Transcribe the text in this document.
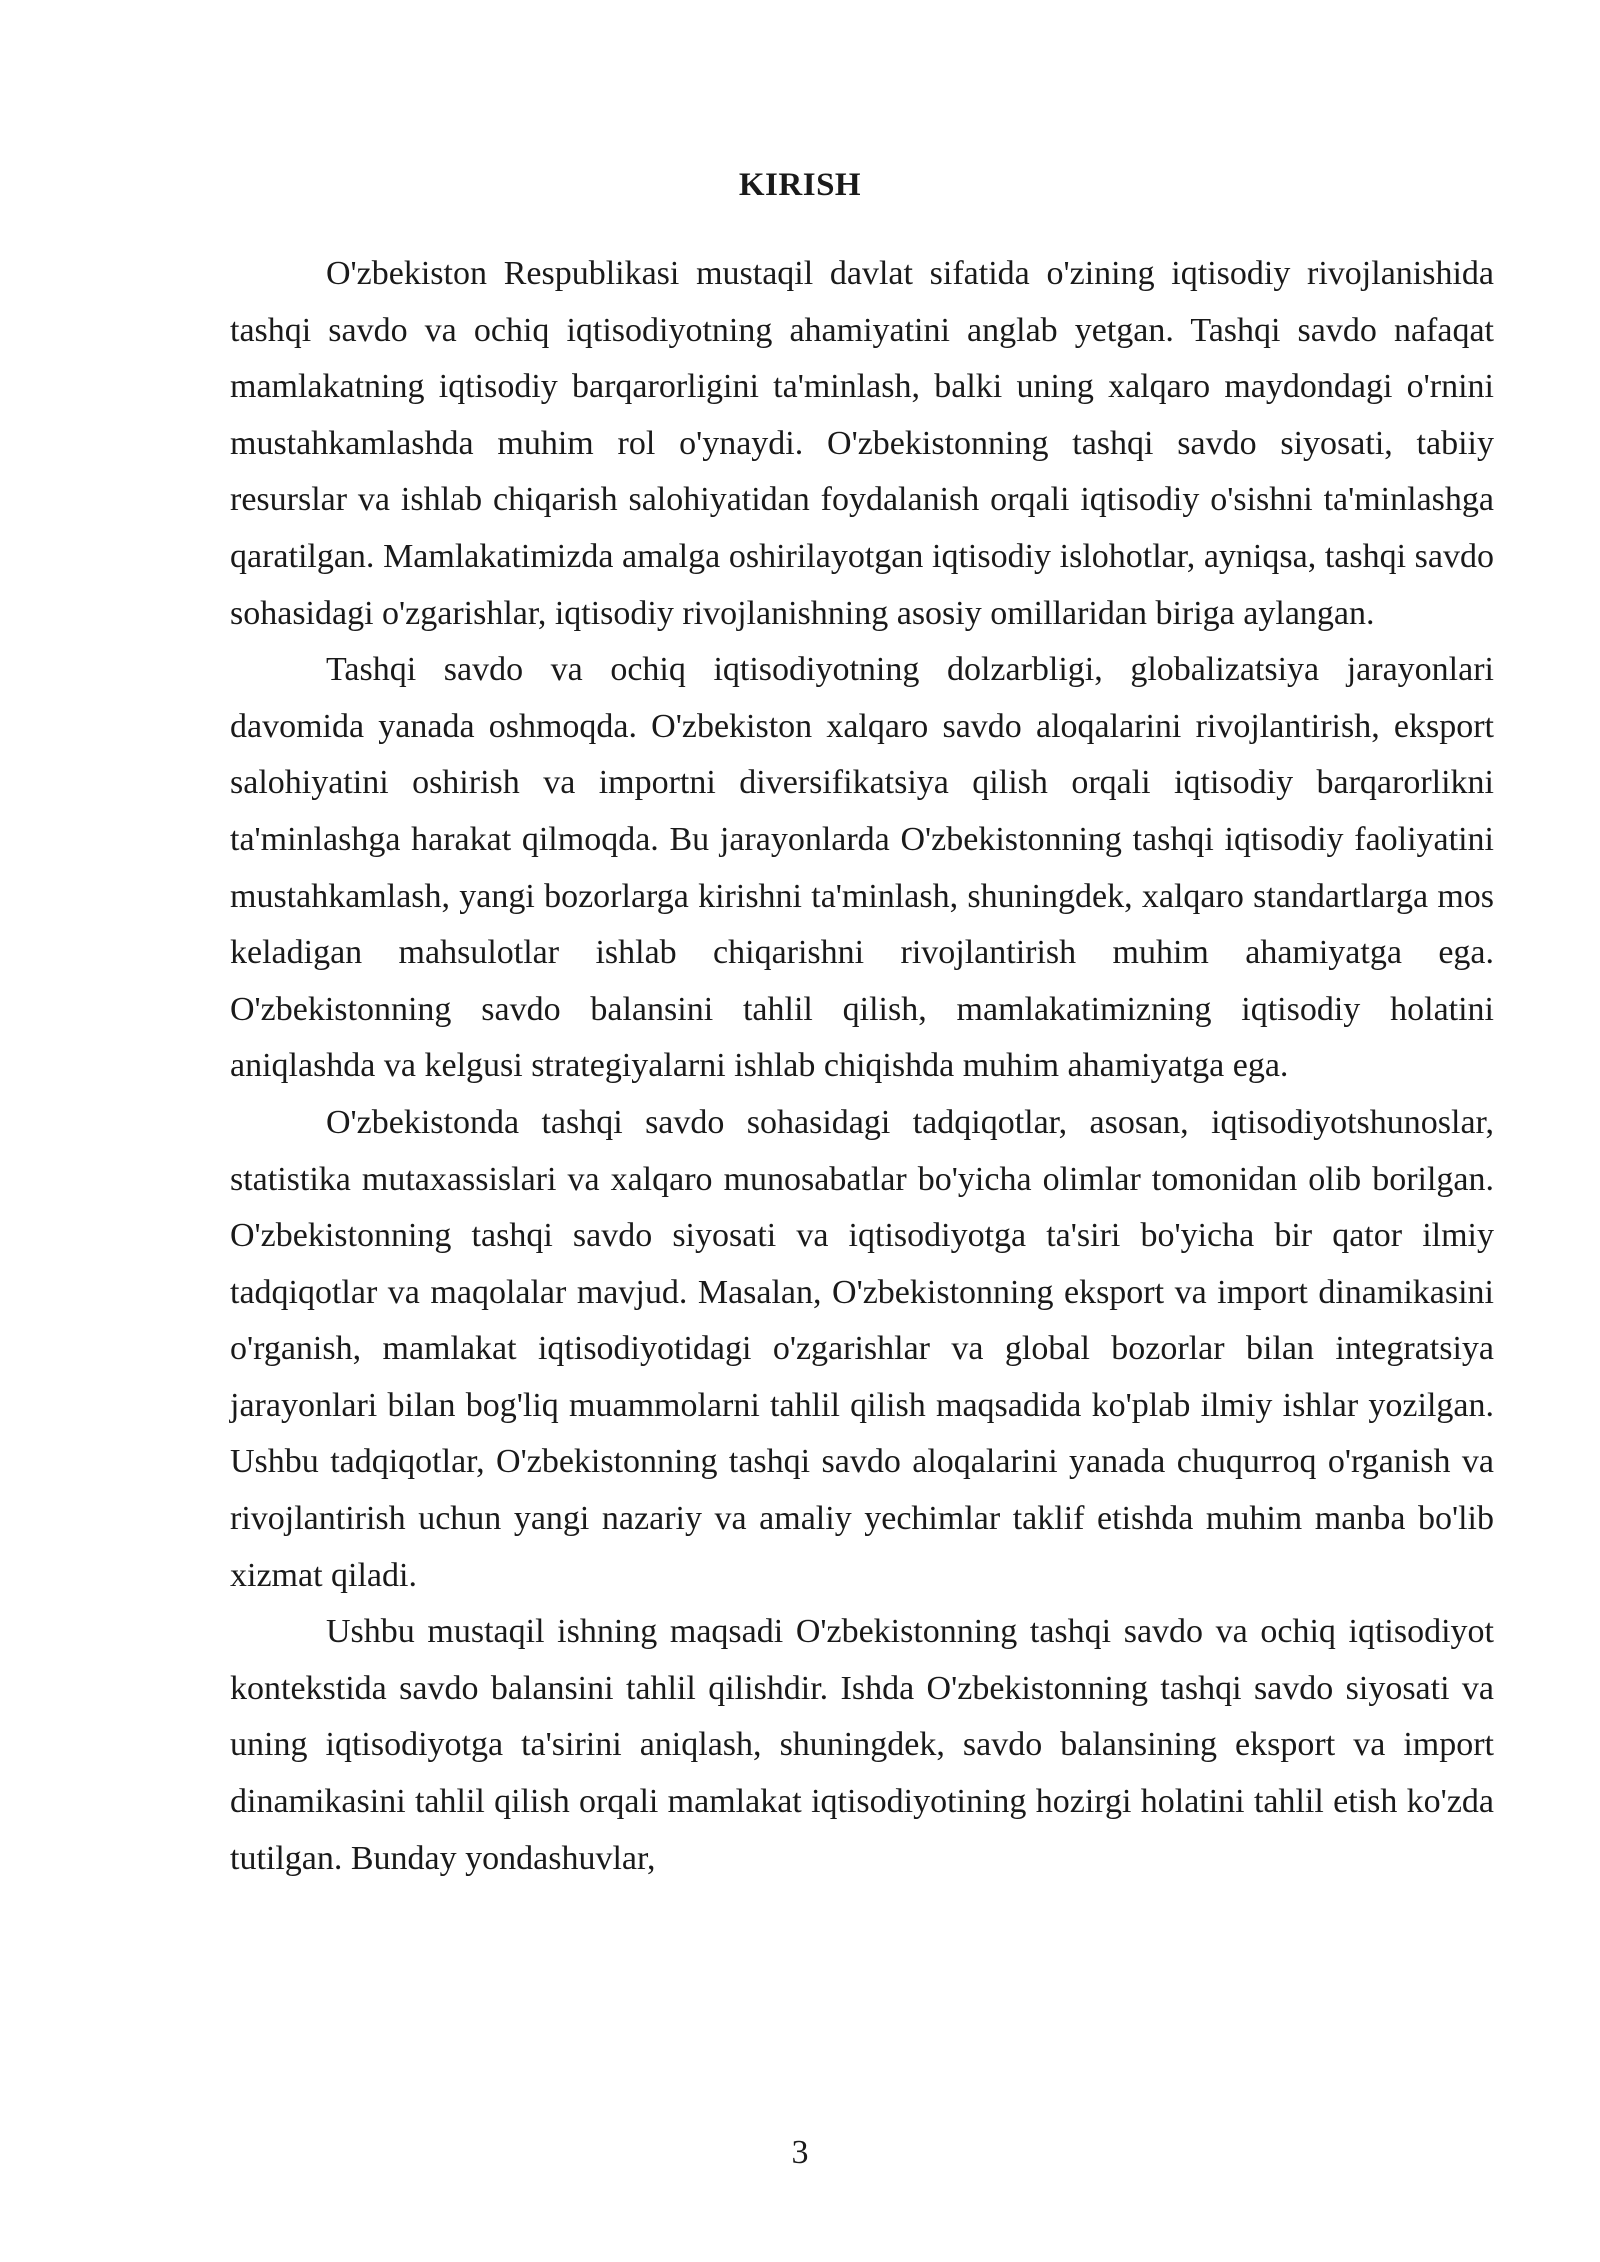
KIRISH

O'zbekiston Respublikasi mustaqil davlat sifatida o'zining iqtisodiy rivojlanishida tashqi savdo va ochiq iqtisodiyotning ahamiyatini anglab yetgan. Tashqi savdo nafaqat mamlakatning iqtisodiy barqarorligini ta'minlash, balki uning xalqaro maydondagi o'rnini mustahkamlashda muhim rol o'ynaydi. O'zbekistonning tashqi savdo siyosati, tabiiy resurslar va ishlab chiqarish salohiyatidan foydalanish orqali iqtisodiy o'sishni ta'minlashga qaratilgan. Mamlakatimizda amalga oshirilayotgan iqtisodiy islohotlar, ayniqsa, tashqi savdo sohasidagi o'zgarishlar, iqtisodiy rivojlanishning asosiy omillaridan biriga aylangan.

Tashqi savdo va ochiq iqtisodiyotning dolzarbligi, globalizatsiya jarayonlari davomida yanada oshmoqda. O'zbekiston xalqaro savdo aloqalarini rivojlantirish, eksport salohiyatini oshirish va importni diversifikatsiya qilish orqali iqtisodiy barqarorlikni ta'minlashga harakat qilmoqda. Bu jarayonlarda O'zbekistonning tashqi iqtisodiy faoliyatini mustahkamlash, yangi bozorlarga kirishni ta'minlash, shuningdek, xalqaro standartlarga mos keladigan mahsulotlar ishlab chiqarishni rivojlantirish muhim ahamiyatga ega. O'zbekistonning savdo balansini tahlil qilish, mamlakatimizning iqtisodiy holatini aniqlashda va kelgusi strategiyalarni ishlab chiqishda muhim ahamiyatga ega.

O'zbekistonda tashqi savdo sohasidagi tadqiqotlar, asosan, iqtisodiyotshunoslar, statistika mutaxassislari va xalqaro munosabatlar bo'yicha olimlar tomonidan olib borilgan. O'zbekistonning tashqi savdo siyosati va iqtisodiyotga ta'siri bo'yicha bir qator ilmiy tadqiqotlar va maqolalar mavjud. Masalan, O'zbekistonning eksport va import dinamikasini o'rganish, mamlakat iqtisodiyotidagi o'zgarishlar va global bozorlar bilan integratsiya jarayonlari bilan bog'liq muammolarni tahlil qilish maqsadida ko'plab ilmiy ishlar yozilgan. Ushbu tadqiqotlar, O'zbekistonning tashqi savdo aloqalarini yanada chuqurroq o'rganish va rivojlantirish uchun yangi nazariy va amaliy yechimlar taklif etishda muhim manba bo'lib xizmat qiladi.

Ushbu mustaqil ishning maqsadi O'zbekistonning tashqi savdo va ochiq iqtisodiyot kontekstida savdo balansini tahlil qilishdir. Ishda O'zbekistonning tashqi savdo siyosati va uning iqtisodiyotga ta'sirini aniqlash, shuningdek, savdo balansining eksport va import dinamikasini tahlil qilish orqali mamlakat iqtisodiyotining hozirgi holatini tahlil etish ko'zda tutilgan. Bunday yondashuvlar,

3
